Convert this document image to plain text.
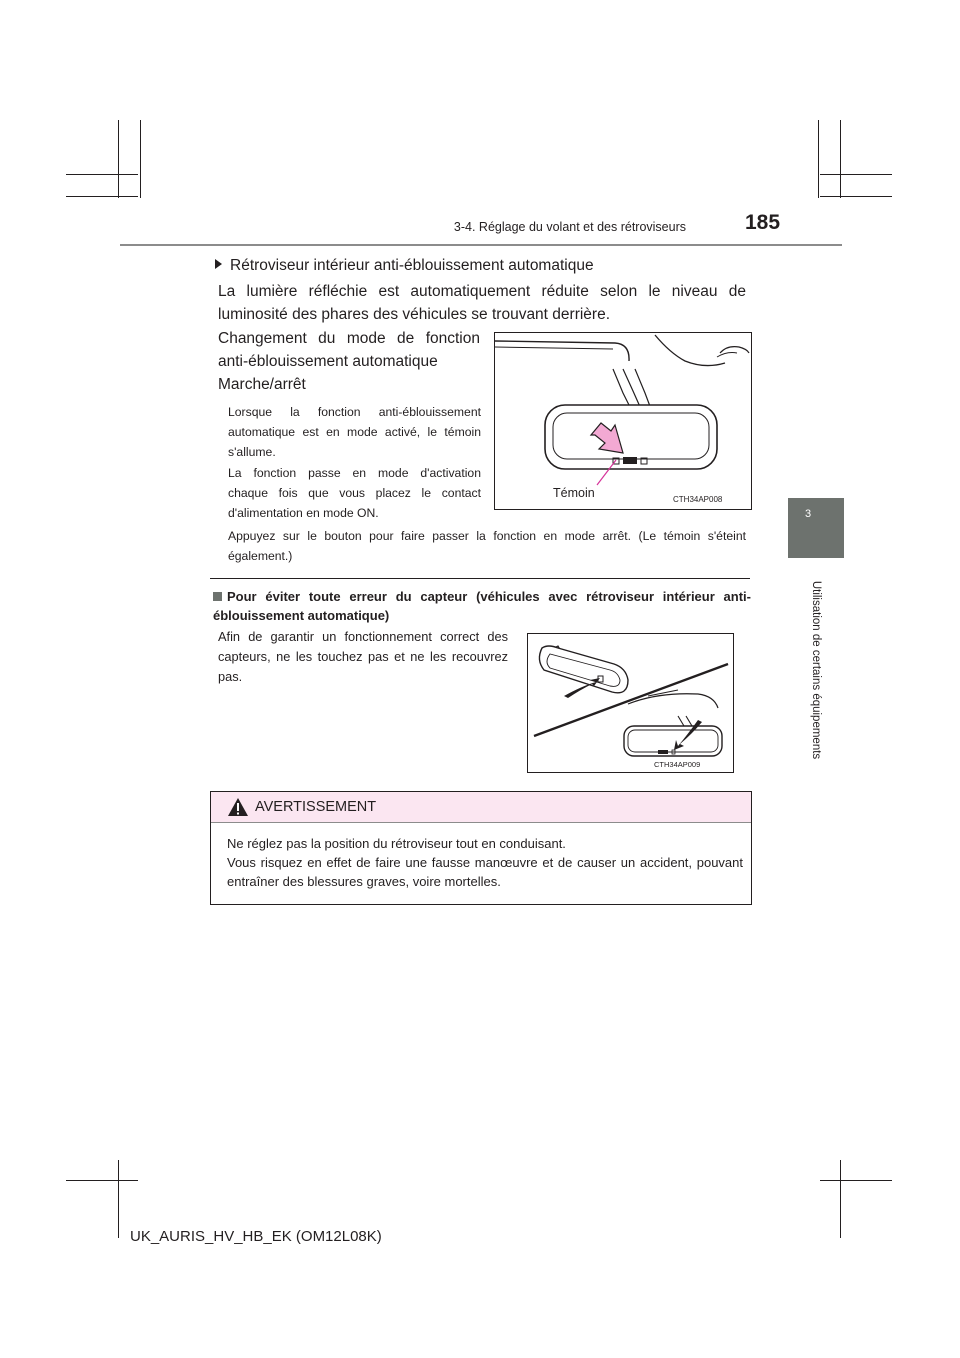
3-4. Réglage du volant et des rétroviseurs	185
3
Utilisation de certains équipements
Rétroviseur intérieur anti-éblouissement automatique
La lumière réfléchie est automatiquement réduite selon le niveau de luminosité des phares des véhicules se trouvant derrière.
Changement du mode de fonction
anti-éblouissement automatique
Marche/arrêt
Lorsque la fonction anti-éblouissement automatique est en mode activé, le témoin s'allume.
La fonction passe en mode d'activation chaque fois que vous placez le contact d'alimentation en mode ON.
Appuyez sur le bouton pour faire passer la fonction en mode arrêt. (Le témoin s'éteint également.)
Témoin	CTH34AP008
Pour éviter toute erreur du capteur (véhicules avec rétroviseur intérieur anti-éblouissement automatique)
Afin de garantir un fonctionnement correct des capteurs, ne les touchez pas et ne les recouvrez pas.
CTH34AP009
AVERTISSEMENT
Ne réglez pas la position du rétroviseur tout en conduisant.
Vous risquez en effet de faire une fausse manœuvre et de causer un accident, pouvant entraîner des blessures graves, voire mortelles.
UK_AURIS_HV_HB_EK (OM12L08K)
